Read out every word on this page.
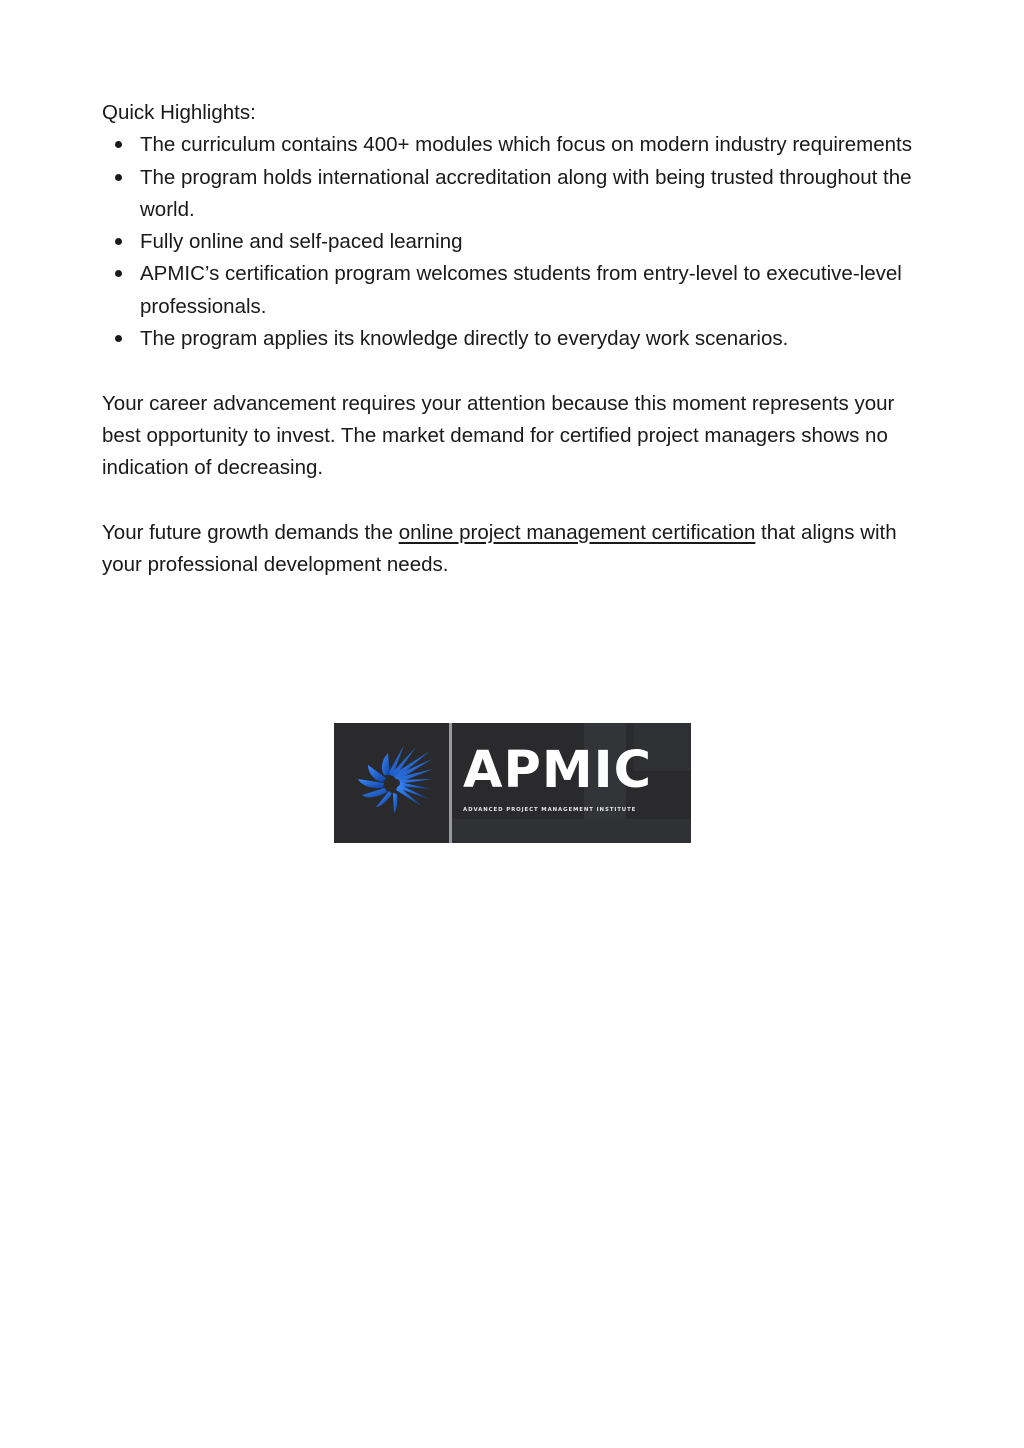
Quick Highlights:

The curriculum contains 400+ modules which focus on modern industry requirements
The program holds international accreditation along with being trusted throughout the world.
Fully online and self-paced learning
APMIC’s certification program welcomes students from entry-level to executive-level professionals.
The program applies its knowledge directly to everyday work scenarios.

Your career advancement requires your attention because this moment represents your best opportunity to invest. The market demand for certified project managers shows no indication of decreasing.

Your future growth demands the online project management certification that aligns with your professional development needs.

APMIC
ADVANCED PROJECT MANAGEMENT INSTITUTE
